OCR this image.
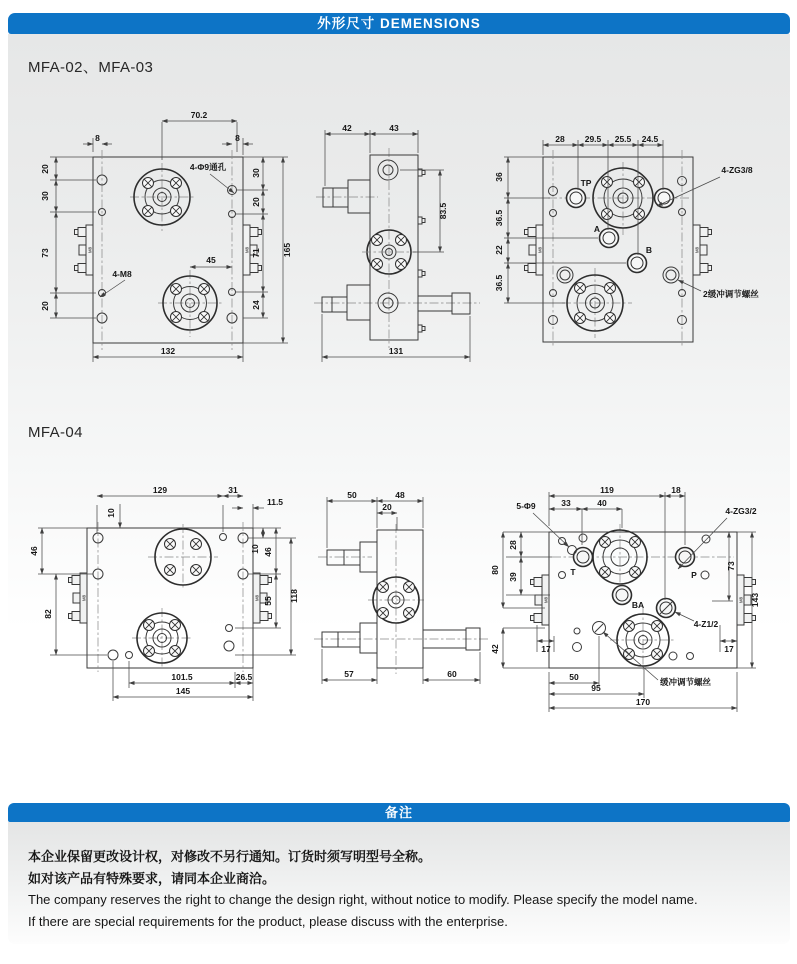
外形尺寸 DEMENSIONS
MFA-02、MFA-03
MFA-04
M8	M8
70.2
8	8
20
30
73
20
30
20
71
24
165
45
132
4-Φ9通孔
4-M8
42	43
83.5
131
M8	M8
TP
A
B
28 29.5 25.5 24.5
36
36.5
22
36.5
4-ZG3/8
2缓冲调节螺丝
M8	M8
129	31
11.5
10
46
82
10 46
55 118
101.5	26.5
145
50	48
20
57	60
M8	M8
T	P
BA
119	18
33	40
5-Φ9	4-ZG3/2
4-Z1/2
缓冲调节螺丝
80
28
39
42	17
73
143
17
50
95
170
备注
本企业保留更改设计权，对修改不另行通知。订货时须写明型号全称。
如对该产品有特殊要求，请同本企业商洽。
The company reserves the right to change the design right, without notice to modify. Please specify the model name.
If there are special requirements for the product, please discuss with the enterprise.
